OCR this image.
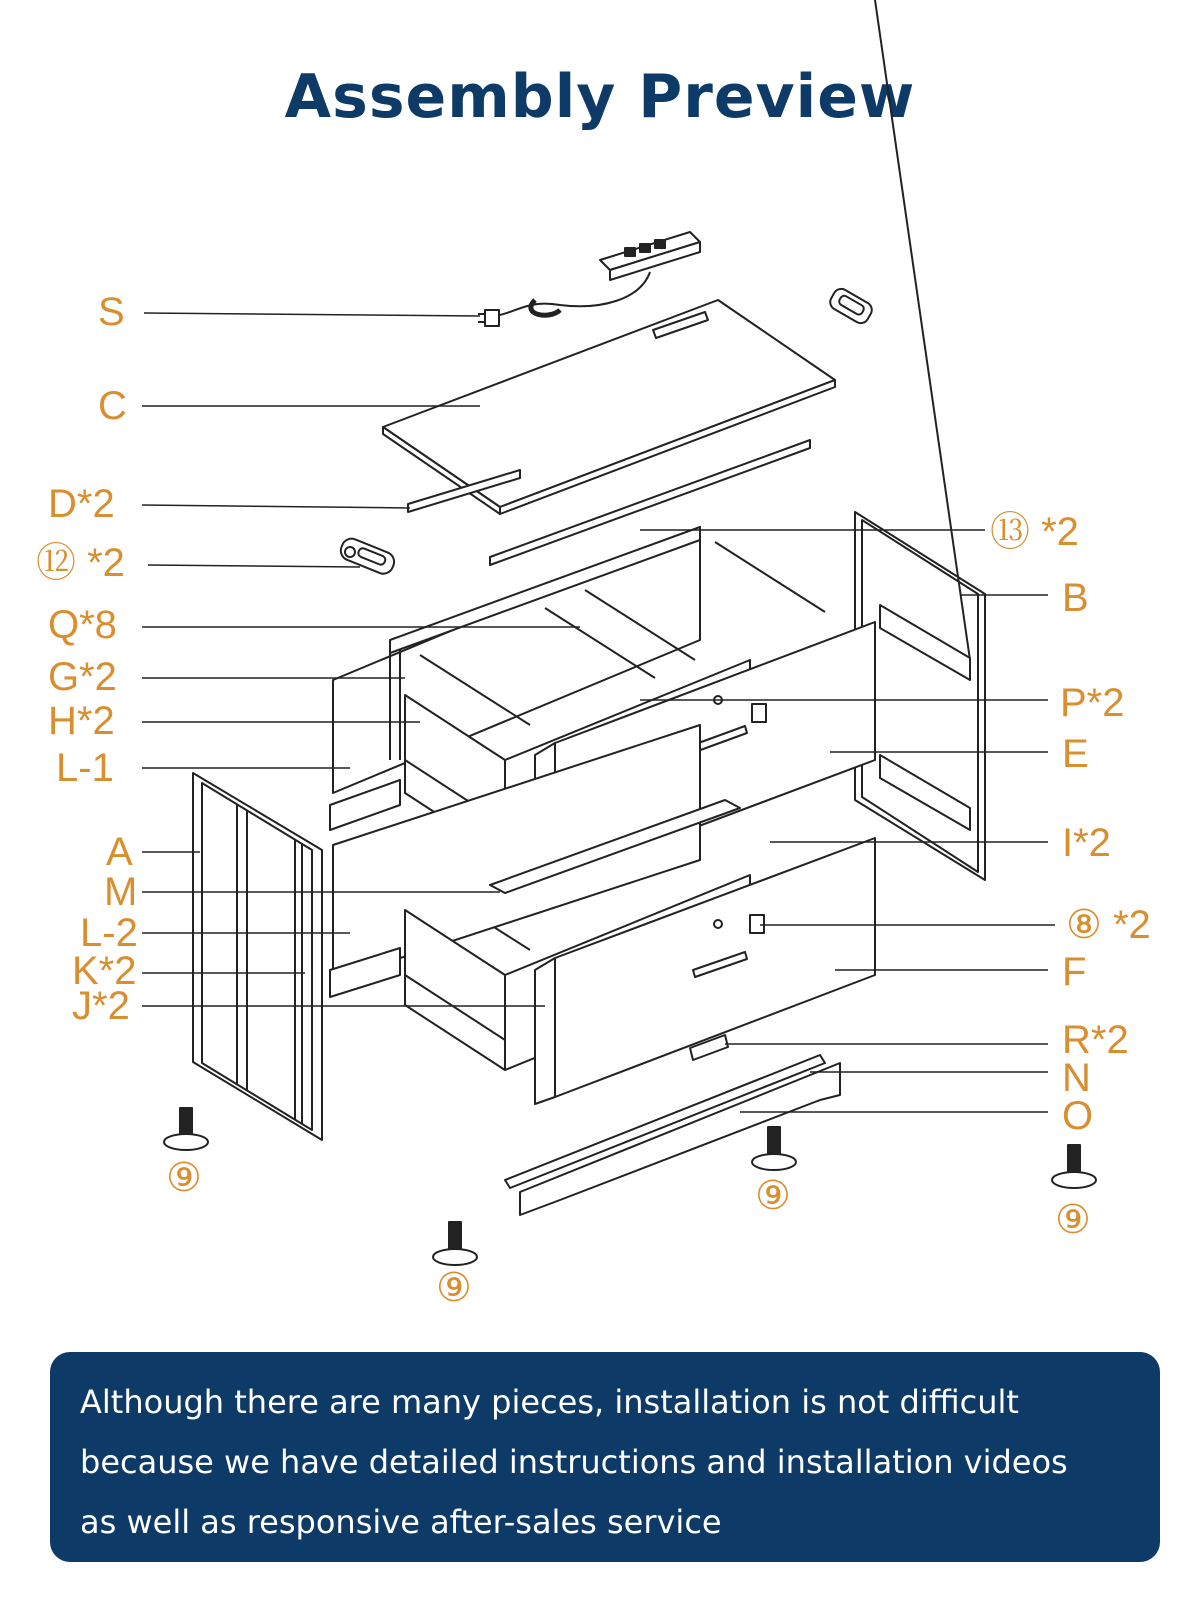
Assembly Preview
S
C
D*2
⑫ *2
Q*8
G*2
H*2
L-1
A
M
L-2
K*2
J*2
⑬ *2
B
P*2
E
I*2
⑧ *2
F
R*2
N
O
⑨	⑨
⑨
⑨

Although there are many pieces, installation is not difficult

because we have detailed instructions and installation videos

as well as responsive after-sales service
